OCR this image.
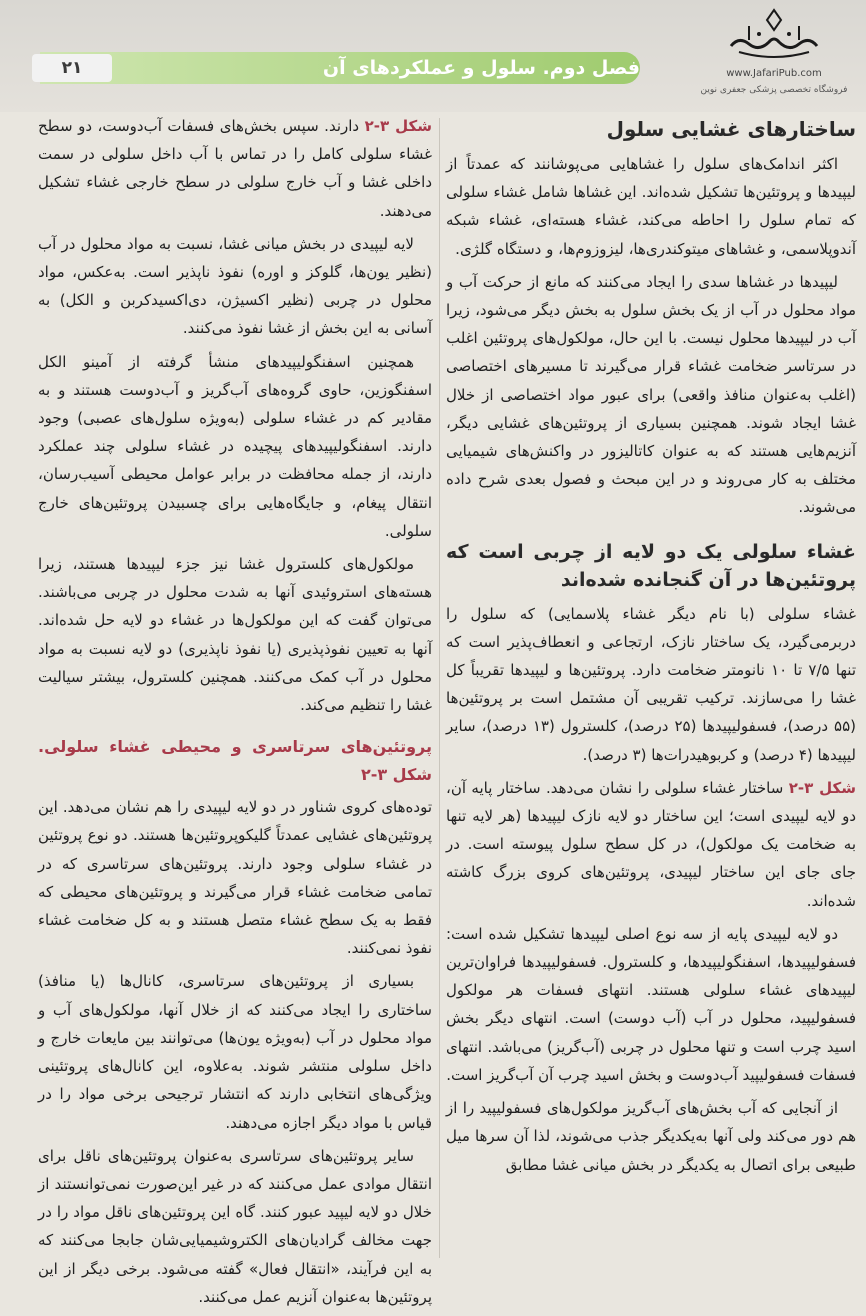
۲۱	فصل دوم. سلول و عملکردهای آن	www.JafariPub.com
فروشگاه تخصصی پزشکی جعفری نوین
ساختارهای غشایی سلول

اکثر اندامک‌های سلول را غشاهایی می‌پوشانند که عمدتاً از لیپیدها و پروتئین‌ها تشکیل شده‌اند. این غشاها شامل غشاء سلولی که تمام سلول را احاطه می‌کند، غشاء هسته‌ای، غشاء شبکه آندوپلاسمی، و غشاهای میتوکندری‌ها، لیزوزوم‌ها، و دستگاه گلژی.

لیپیدها در غشاها سدی را ایجاد می‌کنند که مانع از حرکت آب و مواد محلول در آب از یک بخش سلول به بخش دیگر می‌شود، زیرا آب در لیپیدها محلول نیست. با این حال، مولکول‌های پروتئین اغلب در سرتاسر ضخامت غشاء قرار می‌گیرند تا مسیرهای اختصاصی (اغلب به‌عنوان منافذ واقعی) برای عبور مواد اختصاصی از خلال غشا ایجاد شوند. همچنین بسیاری از پروتئین‌های غشایی دیگر، آنزیم‌هایی هستند که به عنوان کاتالیزور در واکنش‌های شیمیایی مختلف به کار می‌روند و در این مبحث و فصول بعدی شرح داده می‌شوند.

غشاء سلولی یک دو لایه از چربی است که پروتئین‌ها در آن گنجانده شده‌اند

غشاء سلولی (با نام دیگر غشاء پلاسمایی) که سلول را دربرمی‌گیرد، یک ساختار نازک، ارتجاعی و انعطاف‌پذیر است که تنها ۷/۵ تا ۱۰ نانومتر ضخامت دارد. پروتئین‌ها و لیپیدها تقریباً کل غشا را می‌سازند. ترکیب تقریبی آن مشتمل است بر پروتئین‌ها (۵۵ درصد)، فسفولیپیدها (۲۵ درصد)، کلسترول (۱۳ درصد)، سایر لیپیدها (۴ درصد) و کربوهیدرات‌ها (۳ درصد).

شکل ۳-۲ ساختار غشاء سلولی را نشان می‌دهد. ساختار پایه آن، دو لایه لیپیدی است؛ این ساختار دو لایه نازک لیپیدها (هر لایه تنها به ضخامت یک مولکول)، در کل سطح سلول پیوسته است. در جای جای این ساختار لیپیدی، پروتئین‌های کروی بزرگ کاشته شده‌اند.

دو لایه لیپیدی پایه از سه نوع اصلی لیپیدها تشکیل شده است: فسفولیپیدها، اسفنگولیپیدها، و کلسترول. فسفولیپیدها فراوان‌ترین لیپیدهای غشاء سلولی هستند. انتهای فسفات هر مولکول فسفولیپید، محلول در آب (آب دوست) است. انتهای دیگر بخش اسید چرب است و تنها محلول در چربی (آب‌گریز) می‌باشد. انتهای فسفات فسفولیپید آب‌دوست و بخش اسید چرب آن آب‌گریز است.

از آنجایی که آب بخش‌های آب‌گریز مولکول‌های فسفولیپید را از هم دور می‌کند ولی آنها به‌یکدیگر جذب می‌شوند، لذا آن سرها میل طبیعی برای اتصال به یکدیگر در بخش میانی غشا مطابق

شکل ۳-۲ دارند. سپس بخش‌های فسفات آب‌دوست، دو سطح غشاء سلولی کامل را در تماس با آب داخل سلولی در سمت داخلی غشا و آب خارج سلولی در سطح خارجی غشاء تشکیل می‌دهند.

لایه لیپیدی در بخش میانی غشا، نسبت به مواد محلول در آب (نظیر یون‌ها، گلوکز و اوره) نفوذ ناپذیر است. به‌عکس، مواد محلول در چربی (نظیر اکسیژن، دی‌اکسیدکربن و الکل) به آسانی به این بخش از غشا نفوذ می‌کنند.

همچنین اسفنگولیپیدهای منشأ گرفته از آمینو الکل اسفنگوزین، حاوی گروه‌های آب‌گریز و آب‌دوست هستند و به مقادیر کم در غشاء سلولی (به‌ویژه سلول‌های عصبی) وجود دارند. اسفنگولیپیدهای پیچیده در غشاء سلولی چند عملکرد دارند، از جمله محافظت در برابر عوامل محیطی آسیب‌رسان، انتقال پیغام، و جایگاه‌هایی برای چسبیدن پروتئین‌های خارج سلولی.

مولکول‌های کلسترول غشا نیز جزء لیپیدها هستند، زیرا هسته‌های استروئیدی آنها به شدت محلول در چربی می‌باشند. می‌توان گفت که این مولکول‌ها در غشاء دو لایه حل شده‌اند. آنها به تعیین نفوذپذیری (یا نفوذ ناپذیری) دو لایه نسبت به مواد محلول در آب کمک می‌کنند. همچنین کلسترول، بیشتر سیالیت غشا را تنظیم می‌کند.

پروتئین‌های سرتاسری و محیطی غشاء سلولی. شکل ۳-۲

توده‌های کروی شناور در دو لایه لیپیدی را هم نشان می‌دهد. این پروتئین‌های غشایی عمدتاً گلیکوپروتئین‌ها هستند. دو نوع پروتئین در غشاء سلولی وجود دارند. پروتئین‌های سرتاسری که در تمامی ضخامت غشاء قرار می‌گیرند و پروتئین‌های محیطی که فقط به یک سطح غشاء متصل هستند و به کل ضخامت غشاء نفوذ نمی‌کنند.

بسیاری از پروتئین‌های سرتاسری، کانال‌ها (یا منافذ) ساختاری را ایجاد می‌کنند که از خلال آنها، مولکول‌های آب و مواد محلول در آب (به‌ویژه یون‌ها) می‌توانند بین مایعات خارج و داخل سلولی منتشر شوند. به‌علاوه، این کانال‌های پروتئینی ویژگی‌های انتخابی دارند که انتشار ترجیحی برخی مواد را در قیاس با مواد دیگر اجازه می‌دهند.

سایر پروتئین‌های سرتاسری به‌عنوان پروتئین‌های ناقل برای انتقال موادی عمل می‌کنند که در غیر این‌صورت نمی‌توانستند از خلال دو لایه لیپید عبور کنند. گاه این پروتئین‌های ناقل مواد را در جهت مخالف گرادیان‌های الکتروشیمیایی‌شان جابجا می‌کنند که به این فرآیند، «انتقال فعال» گفته می‌شود. برخی دیگر از این پروتئین‌ها به‌عنوان آنزیم عمل می‌کنند.
